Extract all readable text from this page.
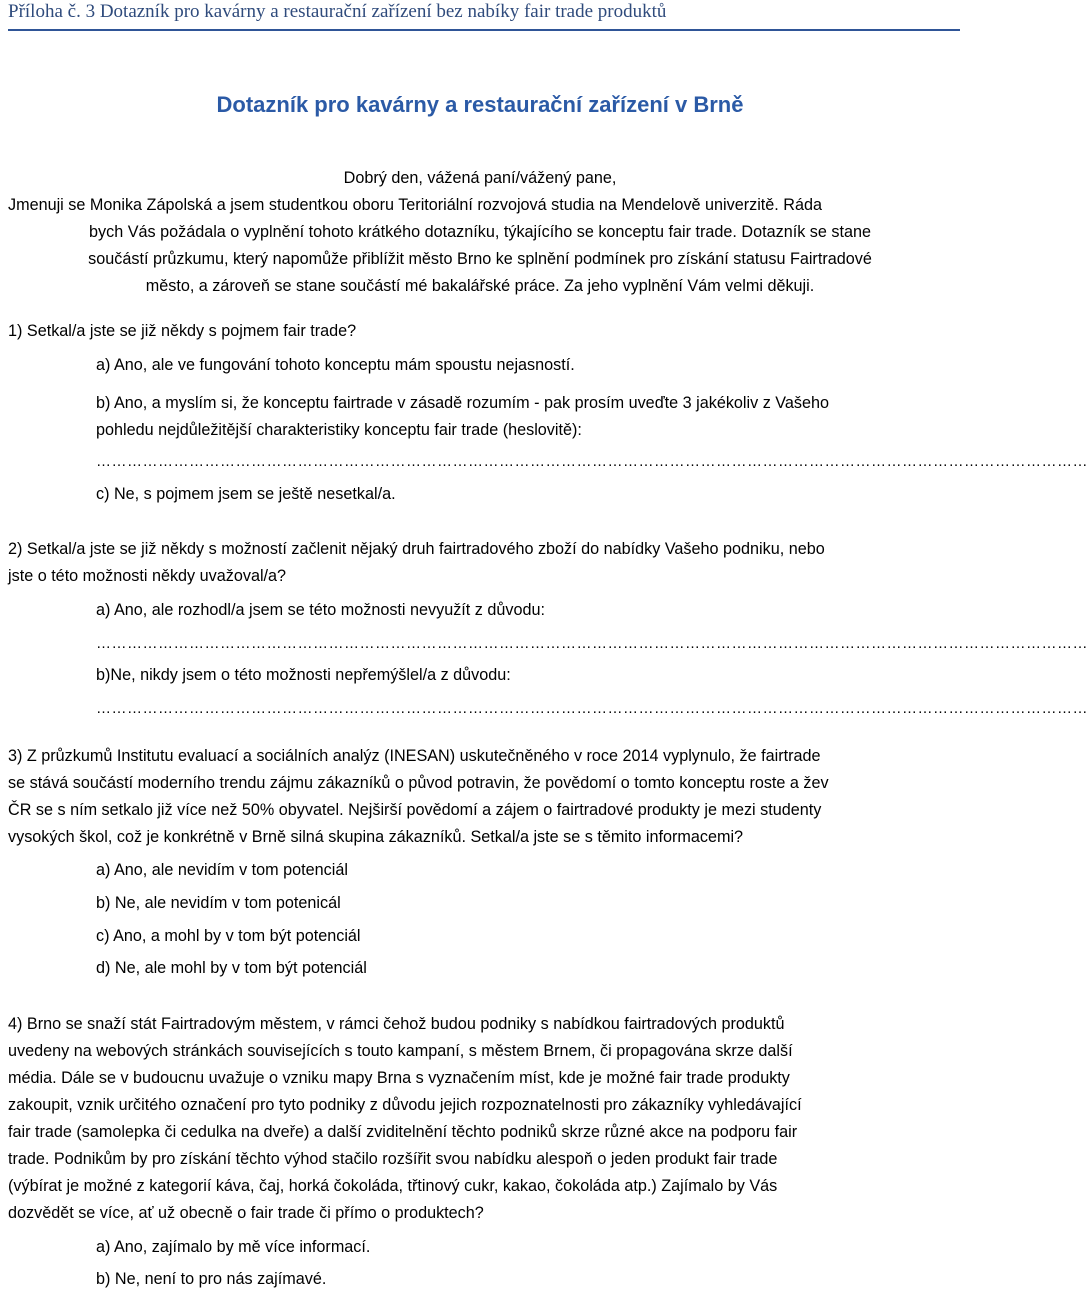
Příloha č. 3 Dotazník pro kavárny a restaurační zařízení bez nabíky fair trade produktů
Dotazník pro kavárny a restaurační zařízení v Brně
Dobrý den, vážená paní/vážený pane,
Jmenuji se Monika Zápolská a jsem studentkou oboru Teritoriální rozvojová studia na Mendelově univerzitě. Ráda
bych Vás požádala o vyplnění tohoto krátkého dotazníku, týkajícího se konceptu fair trade. Dotazník se stane
součástí průzkumu, který napomůže přiblížit město Brno ke splnění podmínek pro získání statusu Fairtradové
město, a zároveň se stane součástí mé bakalářské práce. Za jeho vyplnění Vám velmi děkuji.
1) Setkal/a jste se již někdy s pojmem fair trade?
a) Ano, ale ve fungování tohoto konceptu mám spoustu nejasností.
b) Ano, a myslím si, že konceptu fairtrade v zásadě rozumím - pak prosím uveďte 3 jakékoliv z Vašeho
pohledu nejdůležitější charakteristiky konceptu fair trade (heslovitě):
…………………………………………………………………………………………………………………………………………………………………………
c) Ne, s pojmem jsem se ještě nesetkal/a.
2) Setkal/a jste se již někdy s možností začlenit nějaký druh fairtradového zboží do nabídky Vašeho podniku, nebo
jste o této možnosti někdy uvažoval/a?
a) Ano, ale rozhodl/a jsem se této možnosti nevyužít z důvodu:
…………………………………………………………………………………………………………………………………………………………………………
b)Ne, nikdy jsem o této možnosti nepřemýšlel/a z důvodu:
…………………………………………………………………………………………………………………………………………………………………………
3) Z průzkumů Institutu evaluací a sociálních analýz (INESAN) uskutečněného v roce 2014 vyplynulo, že fairtrade
se stává součástí moderního trendu zájmu zákazníků o původ potravin, že povědomí o tomto konceptu roste a žev
ČR se s ním setkalo již více než 50% obyvatel. Nejširší povědomí a zájem o fairtradové produkty je mezi studenty
vysokých škol, což je konkrétně v Brně silná skupina zákazníků. Setkal/a jste se s těmito informacemi?
a) Ano, ale nevidím v tom potenciál
b) Ne, ale nevidím v tom potenicál
c) Ano, a mohl by v tom být potenciál
d) Ne, ale mohl by v tom být potenciál
4) Brno se snaží stát Fairtradovým městem, v rámci čehož budou podniky s nabídkou fairtradových produktů
uvedeny na webových stránkách souvisejících s touto kampaní, s městem Brnem, či propagována skrze další
média. Dále se v budoucnu uvažuje o vzniku mapy Brna s vyznačením míst, kde je možné fair trade produkty
zakoupit, vznik určitého označení pro tyto podniky z důvodu jejich rozpoznatelnosti pro zákazníky vyhledávající
fair trade (samolepka či cedulka na dveře) a další zviditelnění těchto podniků skrze různé akce na podporu fair
trade. Podnikům by pro získání těchto výhod stačilo rozšířit svou nabídku alespoň o jeden produkt fair trade
(výbírat je možné z kategorií káva, čaj, horká čokoláda, třtinový cukr, kakao, čokoláda atp.) Zajímalo by Vás
dozvědět se více, ať už obecně o fair trade či přímo o produktech?
a) Ano, zajímalo by mě více informací.
b) Ne, není to pro nás zajímavé.
